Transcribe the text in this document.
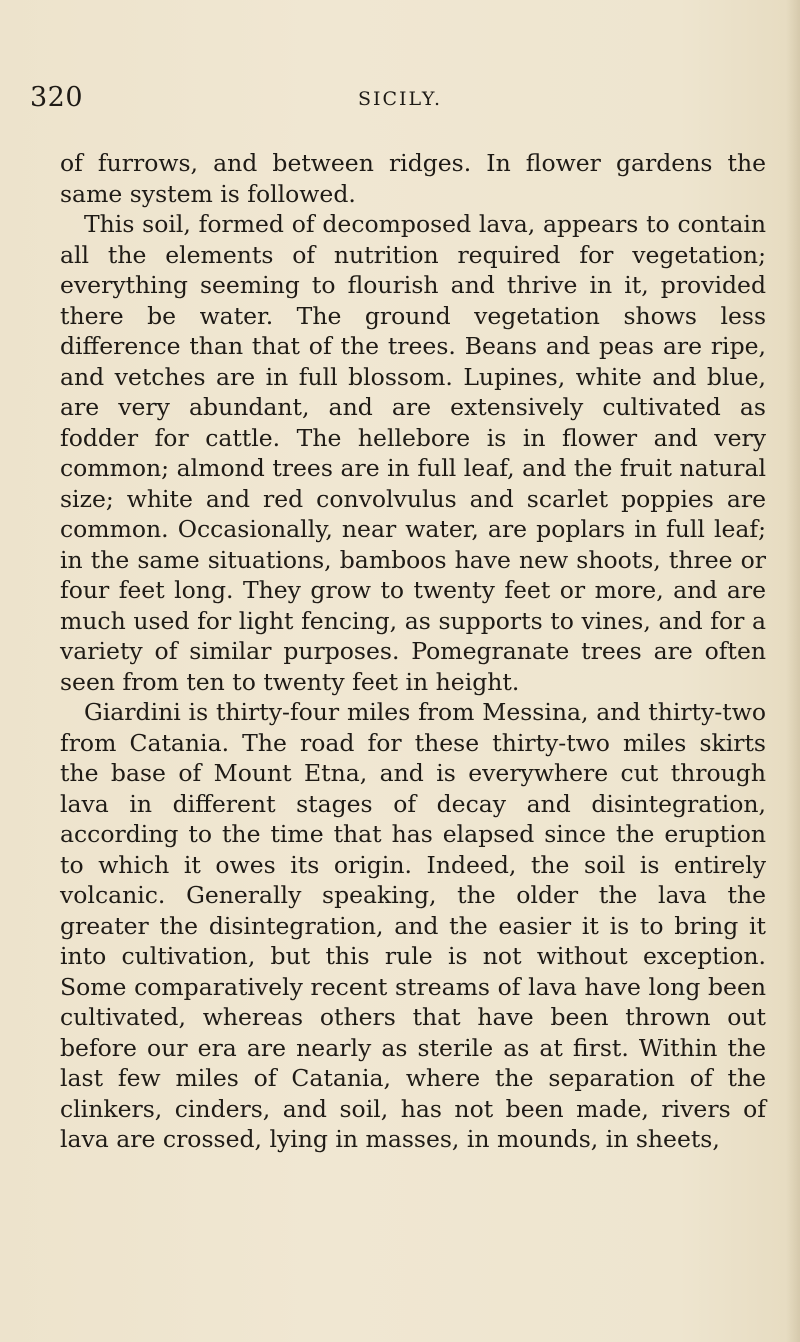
320	SICILY.

of furrows, and between ridges. In flower gardens the same system is followed.

This soil, formed of decomposed lava, appears to contain all the elements of nutrition required for vegetation; everything seeming to flourish and thrive in it, provided there be water. The ground vegetation shows less difference than that of the trees. Beans and peas are ripe, and vetches are in full blossom. Lupines, white and blue, are very abundant, and are extensively cultivated as fodder for cattle. The hellebore is in flower and very common; almond trees are in full leaf, and the fruit natural size; white and red convolvulus and scarlet poppies are common. Occasionally, near water, are poplars in full leaf; in the same situations, bamboos have new shoots, three or four feet long. They grow to twenty feet or more, and are much used for light fencing, as supports to vines, and for a variety of similar purposes. Pomegranate trees are often seen from ten to twenty feet in height.

Giardini is thirty-four miles from Messina, and thirty-two from Catania. The road for these thirty-two miles skirts the base of Mount Etna, and is everywhere cut through lava in different stages of decay and disintegration, according to the time that has elapsed since the eruption to which it owes its origin. Indeed, the soil is entirely volcanic. Generally speaking, the older the lava the greater the disintegration, and the easier it is to bring it into cultivation, but this rule is not without exception. Some comparatively recent streams of lava have long been cultivated, whereas others that have been thrown out before our era are nearly as sterile as at first. Within the last few miles of Catania, where the separation of the clinkers, cinders, and soil, has not been made, rivers of lava are crossed, lying in masses, in mounds, in sheets,
